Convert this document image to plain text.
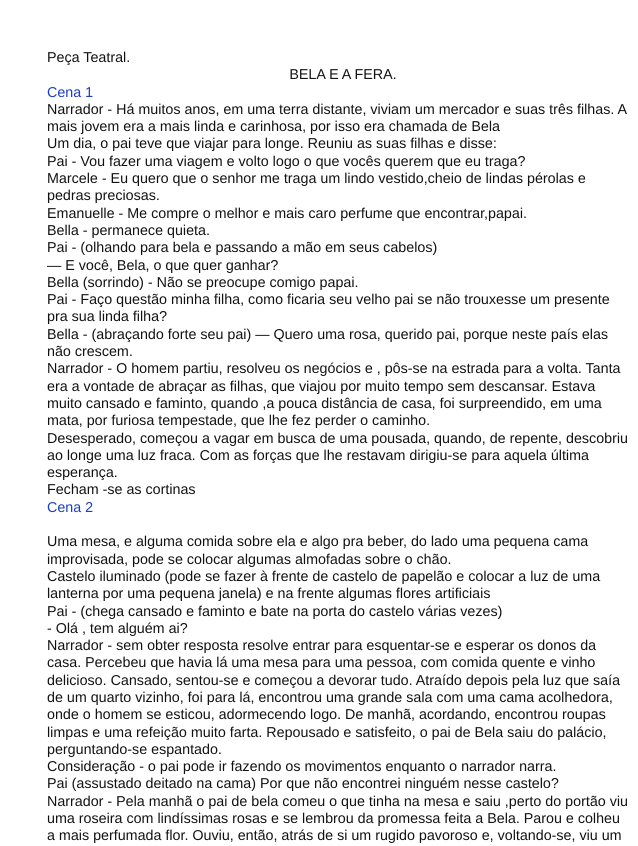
Peça Teatral.
BELA E A FERA.
Cena 1
Narrador - Há muitos anos, em uma terra distante, viviam um mercador e suas três filhas. A
mais jovem era a mais linda e carinhosa, por isso era chamada de Bela
Um dia, o pai teve que viajar para longe. Reuniu as suas filhas e disse:
Pai - Vou fazer uma viagem e volto logo o que vocês querem que eu traga?
Marcele - Eu quero que o senhor me traga um lindo vestido,cheio de lindas pérolas e
pedras preciosas.
Emanuelle - Me compre o melhor e mais caro perfume que encontrar,papai.
Bella - permanece quieta.
Pai - (olhando para bela e passando a mão em seus cabelos)
— E você, Bela, o que quer ganhar?
Bella (sorrindo) - Não se preocupe comigo papai.
Pai - Faço questão minha filha, como ficaria seu velho pai se não trouxesse um presente
pra sua linda filha?
Bella - (abraçando forte seu pai) — Quero uma rosa, querido pai, porque neste país elas
não crescem.
Narrador - O homem partiu, resolveu os negócios e , pôs-se na estrada para a volta. Tanta
era a vontade de abraçar as filhas, que viajou por muito tempo sem descansar. Estava
muito cansado e faminto, quando ,a pouca distância de casa, foi surpreendido, em uma
mata, por furiosa tempestade, que lhe fez perder o caminho.
Desesperado, começou a vagar em busca de uma pousada, quando, de repente, descobriu
ao longe uma luz fraca. Com as forças que lhe restavam dirigiu-se para aquela última
esperança.
Fecham -se as cortinas
Cena 2
Uma mesa, e alguma comida sobre ela e algo pra beber, do lado uma pequena cama
improvisada, pode se colocar algumas almofadas sobre o chão.
Castelo iluminado (pode se fazer à frente de castelo de papelão e colocar a luz de uma
lanterna por uma pequena janela) e na frente algumas flores artificiais
Pai - (chega cansado e faminto e bate na porta do castelo várias vezes)
- Olá , tem alguém ai?
Narrador - sem obter resposta resolve entrar para esquentar-se e esperar os donos da
casa. Percebeu que havia lá uma mesa para uma pessoa, com comida quente e vinho
delicioso. Cansado, sentou-se e começou a devorar tudo. Atraído depois pela luz que saía
de um quarto vizinho, foi para lá, encontrou uma grande sala com uma cama acolhedora,
onde o homem se esticou, adormecendo logo. De manhã, acordando, encontrou roupas
limpas e uma refeição muito farta. Repousado e satisfeito, o pai de Bela saiu do palácio,
perguntando-se espantado.
Consideração - o pai pode ir fazendo os movimentos enquanto o narrador narra.
Pai (assustado deitado na cama) Por que não encontrei ninguém nesse castelo?
Narrador - Pela manhã o pai de bela comeu o que tinha na mesa e saiu ,perto do portão viu
uma roseira com lindíssimas rosas e se lembrou da promessa feita a Bela. Parou e colheu
a mais perfumada flor. Ouviu, então, atrás de si um rugido pavoroso e, voltando-se, viu um
